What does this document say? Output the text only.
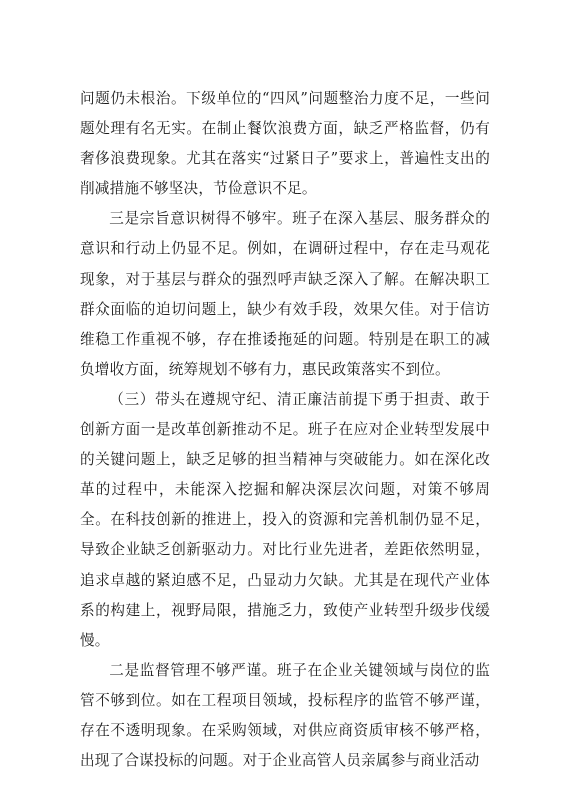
问题仍未根治。下级单位的“四风”问题整治力度不足，一些问题处理有名无实。在制止餐饮浪费方面，缺乏严格监督，仍有奢侈浪费现象。尤其在落实“过紧日子”要求上，普遍性支出的削减措施不够坚决，节俭意识不足。

三是宗旨意识树得不够牢。班子在深入基层、服务群众的意识和行动上仍显不足。例如，在调研过程中，存在走马观花现象，对于基层与群众的强烈呼声缺乏深入了解。在解决职工群众面临的迫切问题上，缺少有效手段，效果欠佳。对于信访维稳工作重视不够，存在推诿拖延的问题。特别是在职工的减负增收方面，统筹规划不够有力，惠民政策落实不到位。

（三）带头在遵规守纪、清正廉洁前提下勇于担责、敢于创新方面一是改革创新推动不足。班子在应对企业转型发展中的关键问题上，缺乏足够的担当精神与突破能力。如在深化改革的过程中，未能深入挖掘和解决深层次问题，对策不够周全。在科技创新的推进上，投入的资源和完善机制仍显不足，导致企业缺乏创新驱动力。对比行业先进者，差距依然明显，追求卓越的紧迫感不足，凸显动力欠缺。尤其是在现代产业体系的构建上，视野局限，措施乏力，致使产业转型升级步伐缓慢。

二是监督管理不够严谨。班子在企业关键领域与岗位的监管不够到位。如在工程项目领域，投标程序的监管不够严谨，存在不透明现象。在采购领域，对供应商资质审核不够严格，出现了合谋投标的问题。对于企业高管人员亲属参与商业活动
